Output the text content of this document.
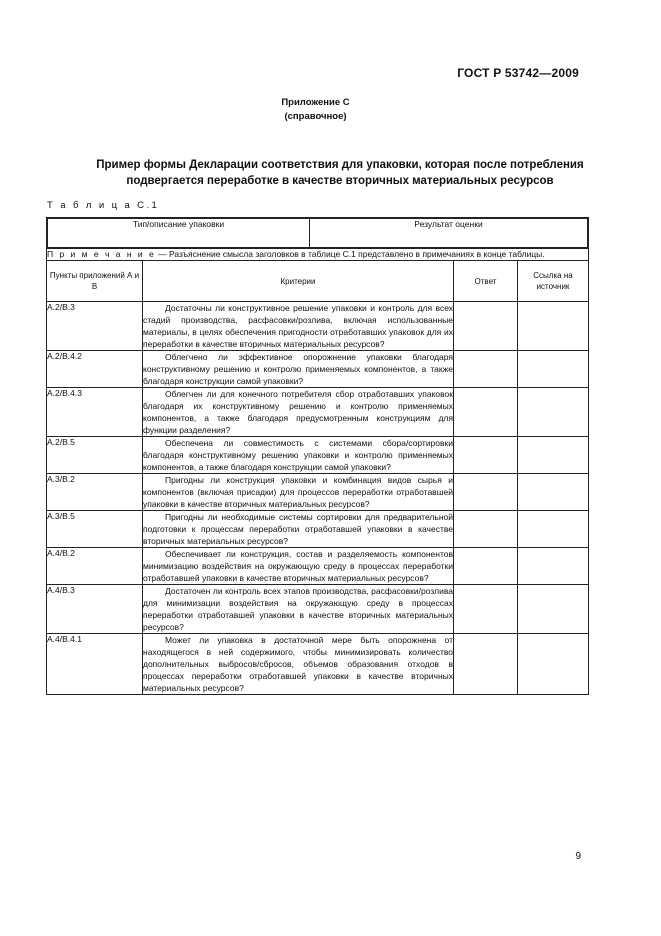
ГОСТ Р 53742—2009
Приложение С
(справочное)
Пример формы Декларации соответствия для упаковки, которая после потребления
подвергается переработке в качестве вторичных материальных ресурсов
Т а б л и ц а С.1
Тип/описание упаковки	Результат оценки

П р и м е ч а н и е — Разъяснение смысла заголовков в таблице С.1 представлено в примечаниях в конце таблицы.
Пункты приложений А и В	Критерии	Ответ	Ссылка на источник
А.2/В.3	Достаточны ли конструктивное решение упаковки и контроль для всех стадий производства, расфасовки/розлива, включая использованные материалы, в целях обеспечения пригодности отработавших упаковок для их переработки в качестве вторичных материальных ресурсов?		
А.2/В.4.2	Облегчено ли эффективное опорожнение упаковки благодаря конструктивному решению и контролю применяемых компонентов, а также благодаря конструкции самой упаковки?		
А.2/В.4.3	Облегчен ли для конечного потребителя сбор отработавших упаковок благодаря их конструктивному решению и контролю применяемых компонентов, а также благодаря предусмотренным конструкциям для функции разделения?		
А.2/В.5	Обеспечена ли совместимость с системами сбора/сортировки благодаря конструктивному решению упаковки и контролю применяемых компонентов, а также благодаря конструкции самой упаковки?		
А.3/В.2	Пригодны ли конструкция упаковки и комбинация видов сырья и компонентов (включая присадки) для процессов переработки отработавшей упаковки в качестве вторичных материальных ресурсов?		
А.3/В.5	Пригодны ли необходимые системы сортировки для предварительной подготовки к процессам переработки отработавшей упаковки в качестве вторичных материальных ресурсов?		
А.4/В.2	Обеспечивает ли конструкция, состав и разделяемость компонентов минимизацию воздействия на окружающую среду в процессах переработки отработавшей упаковки в качестве вторичных материальных ресурсов?		
А.4/В.3	Достаточен ли контроль всех этапов производства, расфасовки/розлива для минимизации воздействия на окружающую среду в процессах переработки отработавшей упаковки в качестве вторичных материальных ресурсов?		
А.4/В.4.1	Может ли упаковка в достаточной мере быть опорожнена от находящегося в ней содержимого, чтобы минимизировать количество дополнительных выбросов/сбросов, объемов образования отходов в процессах переработки отработавшей упаковки в качестве вторичных материальных ресурсов?		
9
